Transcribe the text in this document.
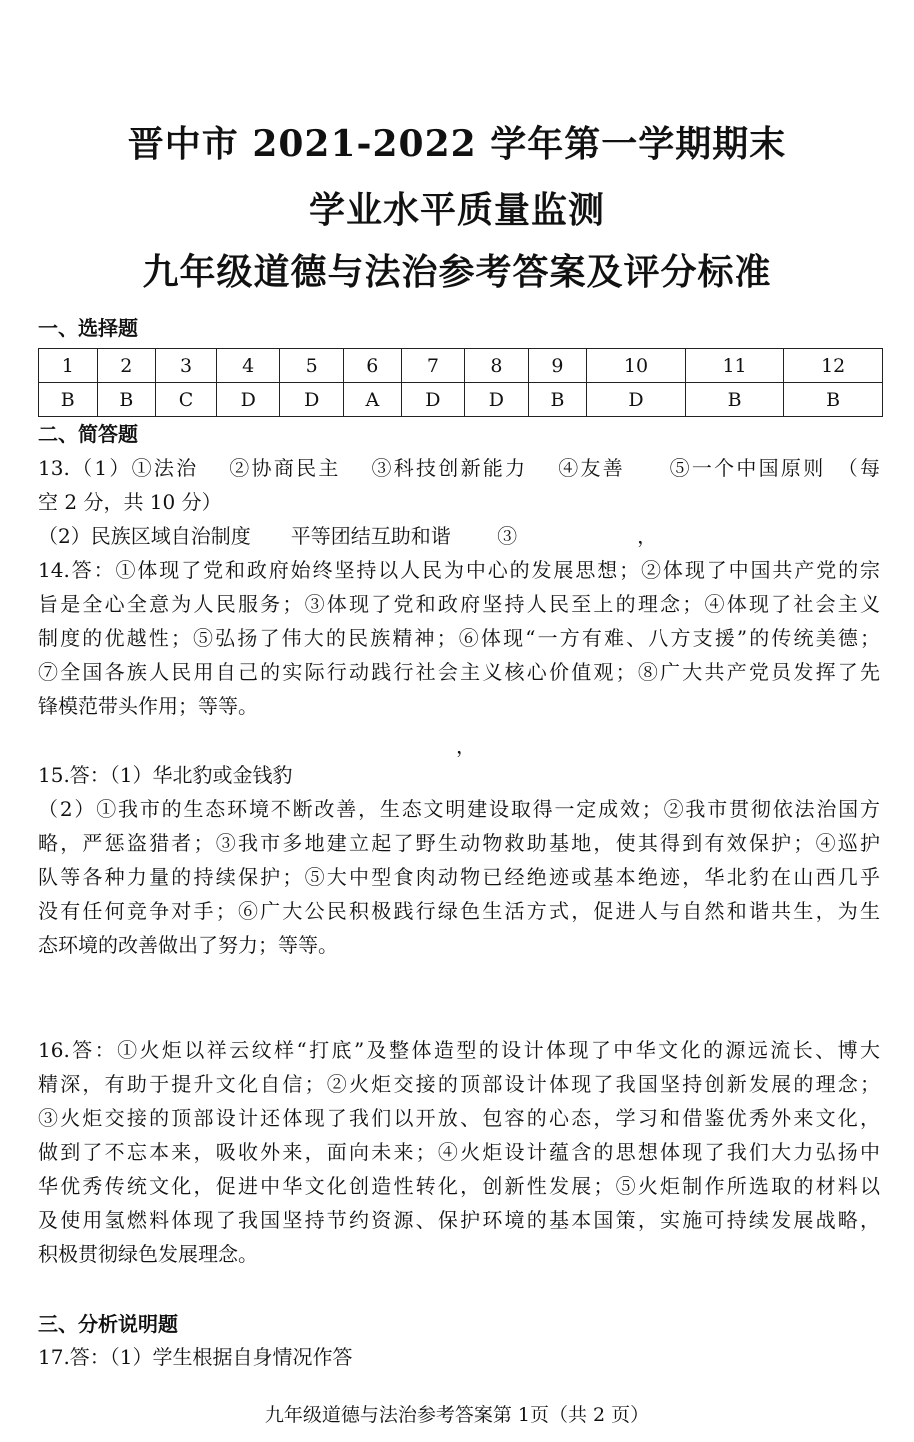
晋中市 2021-2022 学年第一学期期末
学业水平质量监测
九年级道德与法治参考答案及评分标准
一、选择题
1	2	3	4	5	6	7	8	9	10	11	12
B	B	C	D	D	A	D	D	B	D	B	B
二、简答题
13.（1）①法治　 ②协商民主　 ③科技创新能力　 ④友善　　⑤一个中国原则　（每
空 2 分，共 10 分）
（2）民族区域自治制度　　平等团结互助和谐　　 ③　　　　　　，
14.答：①体现了党和政府始终坚持以人民为中心的发展思想；②体现了中国共产党的宗
旨是全心全意为人民服务；③体现了党和政府坚持人民至上的理念；④体现了社会主义
制度的优越性；⑤弘扬了伟大的民族精神；⑥体现“一方有难、八方支援”的传统美德；
⑦全国各族人民用自己的实际行动践行社会主义核心价值观；⑧广大共产党员发挥了先
锋模范带头作用；等等。
，
15.答：（1）华北豹或金钱豹
（2）①我市的生态环境不断改善，生态文明建设取得一定成效；②我市贯彻依法治国方
略，严惩盗猎者；③我市多地建立起了野生动物救助基地，使其得到有效保护；④巡护
队等各种力量的持续保护；⑤大中型食肉动物已经绝迹或基本绝迹，华北豹在山西几乎
没有任何竞争对手；⑥广大公民积极践行绿色生活方式，促进人与自然和谐共生，为生
态环境的改善做出了努力；等等。
16.答：①火炬以祥云纹样“打底”及整体造型的设计体现了中华文化的源远流长、博大
精深，有助于提升文化自信；②火炬交接的顶部设计体现了我国坚持创新发展的理念；
③火炬交接的顶部设计还体现了我们以开放、包容的心态，学习和借鉴优秀外来文化，
做到了不忘本来，吸收外来，面向未来；④火炬设计蕴含的思想体现了我们大力弘扬中
华优秀传统文化，促进中华文化创造性转化，创新性发展；⑤火炬制作所选取的材料以
及使用氢燃料体现了我国坚持节约资源、保护环境的基本国策，实施可持续发展战略，
积极贯彻绿色发展理念。
三、分析说明题
17.答：（1）学生根据自身情况作答
九年级道德与法治参考答案第 1页（共 2 页）
